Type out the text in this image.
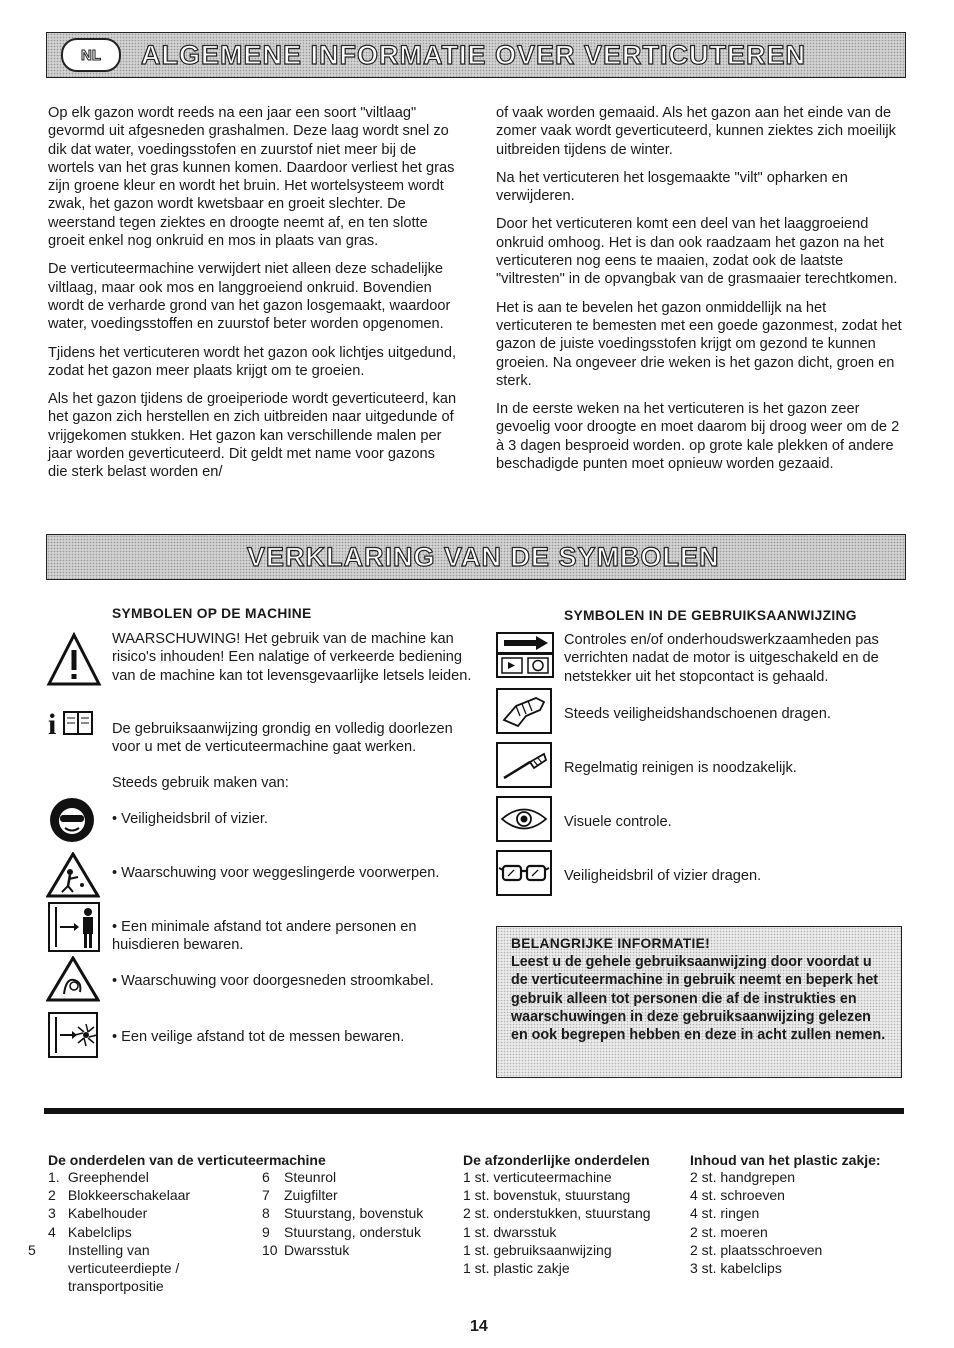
NL	ALGEMENE INFORMATIE OVER VERTICUTEREN

Op elk gazon wordt reeds na een jaar een soort "viltlaag" gevormd uit afgesneden grashalmen. Deze laag wordt snel zo dik dat water, voedingsstofen en zuurstof niet meer bij de wortels van het gras kunnen komen. Daardoor verliest het gras zijn groene kleur en wordt het bruin. Het wortelsysteem wordt zwak, het gazon wordt kwetsbaar en groeit slechter. De weerstand tegen ziektes en droogte neemt af, en ten slotte groeit enkel nog onkruid en mos in plaats van gras.

De verticuteermachine verwijdert niet alleen deze schadelijke viltlaag, maar ook mos en langgroeiend onkruid. Bovendien wordt de verharde grond van het gazon losgemaakt, waardoor water, voedingsstoffen en zuurstof beter worden opgenomen.

Tjidens het verticuteren wordt het gazon ook lichtjes uitgedund, zodat het gazon meer plaats krijgt om te groeien.

Als het gazon tjidens de groeiperiode wordt geverticuteerd, kan het gazon zich herstellen en zich uitbreiden naar uitgedunde of vrijgekomen stukken. Het gazon kan verschillende malen per jaar worden geverticuteerd. Dit geldt met name voor gazons die sterk belast worden en/

of vaak worden gemaaid. Als het gazon aan het einde van de zomer vaak wordt geverticuteerd, kunnen ziektes zich moeilijk uitbreiden tijdens de winter.

Na het verticuteren het losgemaakte "vilt" opharken en verwijderen.

Door het verticuteren komt een deel van het laaggroeiend onkruid omhoog. Het is dan ook raadzaam het gazon na het verticuteren nog eens te maaien, zodat ook de laatste "viltresten" in de opvangbak van de grasmaaier terechtkomen.

Het is aan te bevelen het gazon onmiddellijk na het verticuteren te bemesten met een goede gazonmest, zodat het gazon de juiste voedingsstofen krijgt om gezond te kunnen groeien. Na ongeveer drie weken is het gazon dicht, groen en sterk.

In de eerste weken na het verticuteren is het gazon zeer gevoelig voor droogte en moet daarom bij droog weer om de 2 à 3 dagen besproeid worden. op grote kale plekken of andere beschadigde punten moet opnieuw worden gezaaid.

VERKLARING VAN DE SYMBOLEN
SYMBOLEN OP DE MACHINE
WAARSCHUWING! Het gebruik van de machine kan risico's inhouden! Een nalatige of verkeerde bediening van de machine kan tot levensgevaarlijke letsels leiden.
i	De gebruiksaanwijzing grondig en volledig doorlezen voor u met de verticuteermachine gaat werken.
Steeds gebruik maken van:
• Veiligheidsbril of vizier.
• Waarschuwing voor weggeslingerde voorwerpen.
• Een minimale afstand tot andere personen en huisdieren bewaren.
• Waarschuwing voor doorgesneden stroomkabel.
• Een veilige afstand tot de messen bewaren.
SYMBOLEN IN DE GEBRUIKSAANWIJZING
Controles en/of onderhoudswerkzaamheden pas verrichten nadat de motor is uitgeschakeld en de netstekker uit het stopcontact is gehaald.
Steeds veiligheidshandschoenen dragen.
Regelmatig reinigen is noodzakelijk.
Visuele controle.
Veiligheidsbril of vizier dragen.
BELANGRIJKE INFORMATIE!
Leest u de gehele gebruiksaanwijzing door voordat u de verticuteermachine in gebruik neemt en beperk het gebruik alleen tot personen die af de instrukties en waarschuwingen in deze gebruiksaanwijzing gelezen en ook begrepen hebben en deze in acht zullen nemen.
De onderdelen van de verticuteermachine
1. Greephendel
2 Blokkeerschakelaar
3 Kabelhouder
4 Kabelclips
5 Instelling van verticuteerdiepte / transportpositie
6 Steunrol
7 Zuigfilter
8 Stuurstang, bovenstuk
9 Stuurstang, onderstuk
10 Dwarsstuk
De afzonderlijke onderdelen
1 st. verticuteermachine
1 st. bovenstuk, stuurstang
2 st. onderstukken, stuurstang
1 st. dwarsstuk
1 st. gebruiksaanwijzing
1 st. plastic zakje
Inhoud van het plastic zakje:
2 st. handgrepen
4 st. schroeven
4 st. ringen
2 st. moeren
2 st. plaatsschroeven
3 st. kabelclips
14
